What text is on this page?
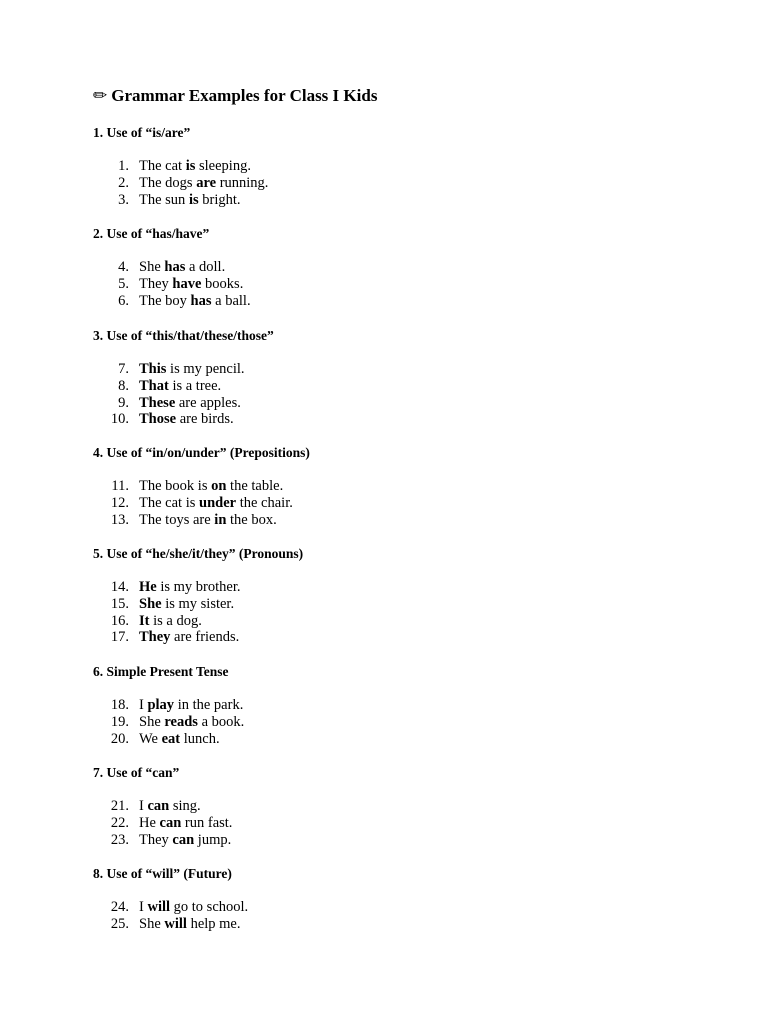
✏ Grammar Examples for Class I Kids
1. Use of “is/are”
1. The cat is sleeping.
2. The dogs are running.
3. The sun is bright.
2. Use of “has/have”
4. She has a doll.
5. They have books.
6. The boy has a ball.
3. Use of “this/that/these/those”
7. This is my pencil.
8. That is a tree.
9. These are apples.
10. Those are birds.
4. Use of “in/on/under” (Prepositions)
11. The book is on the table.
12. The cat is under the chair.
13. The toys are in the box.
5. Use of “he/she/it/they” (Pronouns)
14. He is my brother.
15. She is my sister.
16. It is a dog.
17. They are friends.
6. Simple Present Tense
18. I play in the park.
19. She reads a book.
20. We eat lunch.
7. Use of “can”
21. I can sing.
22. He can run fast.
23. They can jump.
8. Use of “will” (Future)
24. I will go to school.
25. She will help me.
